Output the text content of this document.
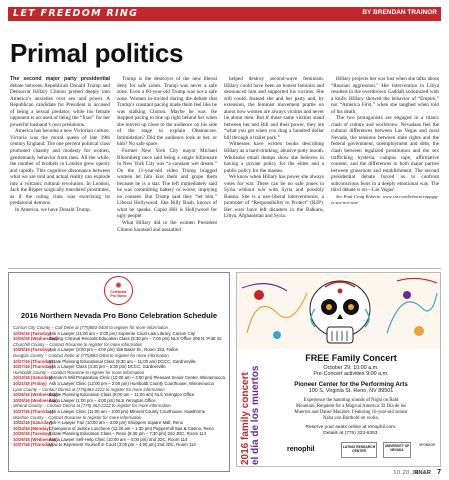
LET FREEDOM RING	BY BRENDAN TRAINOR
Primal politics

The second major party presidential debate between Republican Donald Trump and Democrat Hillary Clinton probed deeply into America’s anxieties over sex and power. A Republican candidate for President is accused of being a sexual predator, while his female opponent is accused of being the “fixer” for her powerful husband’s own predations.

America has become a new Victorian culture. Victoria was the moral queen of late 19th century England. The one percent political class promoted chastity and modesty for women, gentlemanly behavior from men. All the while, the number of brothels in London grew openly and rapidly. This cognitive dissonance between what we are told and actual reality can explode into a volcanic cultural revolution. In London, Jack the Ripper surgically murdered prostitutes, as if the ruling class was exorcising its predatorial demons.

In America, we have Donald Trump.

Trump is the destroyer of the new liberal deity for safe zones. Trump was never a safe zone. Even a 60-year-old Trump was not a safe zone. Women in-invited during the debate that Trump’s constant pacing made them feel like he was stalking Clinton. Maybe he was. He stopped pacing to line up right behind her when she moved up close to the audience on his side of the stage to explain Obamacare. Intimidation? Did the audience look at her, or him? No safe space.

Former New York City mayor Michael Bloomberg once said being a single billionaire in New York City was “a constant wet dream.” On the 11-year-old video Trump bragged women let him kiss them and grope them because he is a star. The left immediately said he was committing battery or worse, implying no consent. But Trump said they “let him.” Liberal Hollywood, like Billy Bush, knows of what he speaks. Cupid Hill is Hollywood for ugly people.

What Hillary did to the women President Clinton harassed and assaulted

helped destroy second-wave feminism. Hillary could have been an honest feminist and denounced him and supported his victims. She still could. Instead she and her party and, by extension, the feminist movement prattle on about how women are always victims and never lie about men. But if those same victims stand between her and Bill and their power, they are “what you get when you drag a hundred dollar bill through a trailer park.”

Witnesses have written books describing Hillary as a hard-drinking, abusive potty mouth. Wikileaks email dumps show she believes in having a private policy for the elites and a public policy for the masses.

We know when Hillary has power she always votes for war. There can be no safe zones in Syria without war with Syria and possibly Russia. She is a neo-liberal interventionist, a promoter of “Responsibility to Protect” (R2P). Her wars have left disasters in the Balkans, Libya, Afghanistan and Syria.

Hillary projects her war lust when she talks about “Russian aggression.” Her intervention in Libya resulted in the overthrown Gaddafi sodomized with a knife. Hillary showed the behavior of “Empire,” not “America First,” when she laughed when told of his death.

The two protagonists are engaged in a titanic clash of culture and worldview. Nevadans feel the cultural differences between Las Vegas and rural Nevada, the tensions between state rights and the federal government, unemployment and debt, the clash between legalized prostitution and the sex trafficking hysteria, campus rape, affirmative consent, and the differences in both major parties between grassroots and establishment. The second presidential debate forced us to confront subconscious fears in a deeply emotional way. The third debate is on—Las Vegas!

See Paul Craig Roberts: www.rnr.com/brbarts/rappgig-is-sex-not-war/

✺
Celebrate Pro Bono
2016 Northern Nevada Pro Bono Celebration Schedule
Carson City County – Call Debe at (775)883-0404 to register for more information
10/25/16 (Tuesday)Ask a Lawyer (11:00 am – 2:00 pm) Supreme Court Law Library, Carson City
10/26/16 (Wednesday)Sealing Criminal Records Education Class (5:30 pm – 7:00 pm) NLS Office 209 N. Pratt St.
Churchill County – Contact Roxanne to register for more information
10/25/16 (Tuesday)Ask a Lawyer (3:00 pm – 4:00 pm) 155 Baker St., Room 153, Fallon
Douglas County – Contact Debe at (775)883-0404 to register for more information
10/27/16 (Thursday)Estate Planning Educational Class (9:30 am – 11:00 am) DCCC, Gardnerville
10/27/16 (Thursday)Ask a Lawyer Class (3:30 pm – 5:30 pm) DCCC, Gardnerville
Humboldt County – Contact Roxanne to register for more information
10/13/16 (Saturday)Veteran's Will Preparation Clinic (10:00 am – 4:00 pm) Pleasant Senior Center, Winnemucca
10/21/16 (Friday) Ask a Lawyer Clinic (12:00 pm – 2:00 pm) Humboldt County Courthouse, Winnemucca
Lyon County – Contact Donna at (775)463-2222 to register for more information
10/26/16 (Wednesday)Estate Planning Education Class (9:00 am – 11:00 am) NLS Yerington Office
10/26/16 (Wednesday)Ask a Lawyer (1:00 pm – 4:00 pm) NLS Yerington Office
Mineral County – Contact Donna at (775) 463-2222 to register for more information
10/27/16 (Thursday)Ask a Lawyer Clinic (11:00 am – 2:00 pm) Mineral County Courthouse, Hawthorne
Washoe County – Contact Roxanne to register for more information
10/22/16 (Saturday)Ask-A-Lawyer Fair (10:00 am – 3:00 pm) Shoppers Square Mall, Reno
10/24/16 (Monday)Champions of Justice Luncheon (11:30 am – 1:30 pm) Peppermill Spa & Casino, Reno
10/25/16 (Tuesday)Estate Planning Education Class – Reno (5:30 pm – 7:30 pm) 2nd JDC, Room 114
10/26/16 (Wednesday)Ask a Lawyer Self-Help Clinic (10:00 am – 4:00 pm) 2nd JDC, Room 114
10/27/16 (Thursday)How to Represent Yourself in Court (3:00 pm – 4:00 pm) 2nd JDC, Room 114	2016 family concert el día de los muertos
FREE Family Concert
October 29, 10:00 a.m.
Pre-Concert activities 9:00 a.m.
Pioneer Center for the Performing Arts
100 S. Virginia St. Reno, NV 89501
Experience the haunting sounds of Night on Bald
Mountain, Requiem for a Magical America: El Día de los
Muertos and Danse Macabre. Featuring 16-year-old soloist
Naha von Barthold on violin.
Reserve your seats online at renophil.com.
Details at (775) 323-6393.
renophil	LATINO RESEARCH CENTER
UNIVERSITY OF NEVADA
SPONSOR
10.20.16
RN&R 7
